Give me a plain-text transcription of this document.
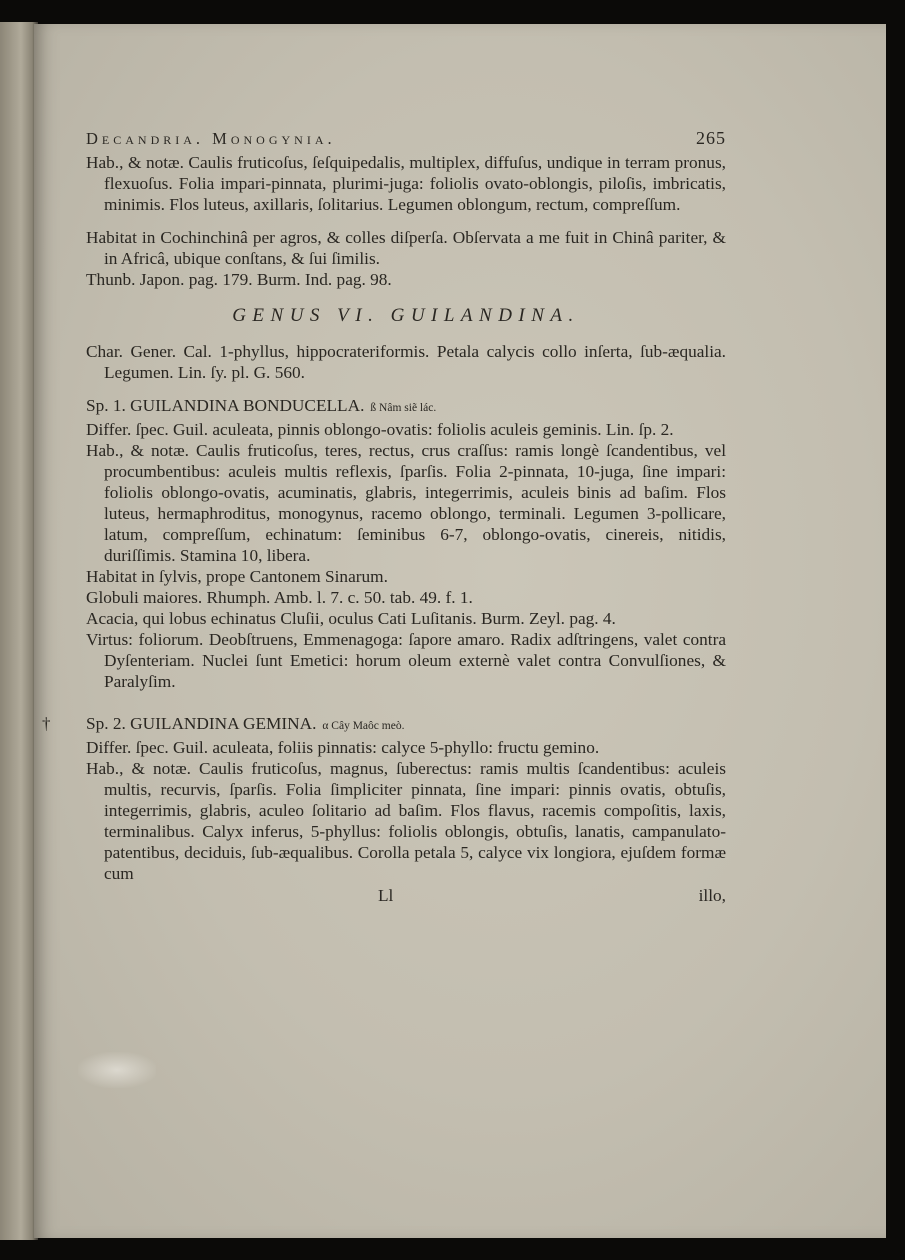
Decandria. Monogynia.	265

Hab., & notæ. Caulis fruticoſus, ſeſquipedalis, multiplex, diffuſus, undique in terram pronus, flexuoſus. Folia impari-pinnata, plurimi-juga: foliolis ovato-oblongis, piloſis, imbricatis, minimis. Flos luteus, axillaris, ſolitarius. Legumen oblongum, rectum, compreſſum.

Habitat in Cochinchinâ per agros, & colles diſperſa. Obſervata a me fuit in Chinâ pariter, & in Africâ, ubique conſtans, & ſui ſimilis.

Thunb. Japon. pag. 179. Burm. Ind. pag. 98.

GENUS VI. GUILANDINA.

Char. Gener. Cal. 1-phyllus, hippocrateriformis. Petala calycis collo inſerta, ſub-æqualia. Legumen. Lin. ſy. pl. G. 560.

Sp. 1. GUILANDINA BONDUCELLA. ß Nâm siẽ lác.

Differ. ſpec. Guil. aculeata, pinnis oblongo-ovatis: foliolis aculeis geminis. Lin. ſp. 2.

Hab., & notæ. Caulis fruticoſus, teres, rectus, crus craſſus: ramis longè ſcandentibus, vel procumbentibus: aculeis multis reflexis, ſparſis. Folia 2-pinnata, 10-juga, ſine impari: foliolis oblongo-ovatis, acuminatis, glabris, integerrimis, aculeis binis ad baſim. Flos luteus, hermaphroditus, monogynus, racemo oblongo, terminali. Legumen 3-pollicare, latum, compreſſum, echinatum: ſeminibus 6-7, oblongo-ovatis, cinereis, nitidis, duriſſimis. Stamina 10, libera.

Habitat in ſylvis, prope Cantonem Sinarum.

Globuli maiores. Rhumph. Amb. l. 7. c. 50. tab. 49. f. 1.

Acacia, qui lobus echinatus Cluſii, oculus Cati Luſitanis. Burm. Zeyl. pag. 4.

Virtus: foliorum. Deobſtruens, Emmenagoga: ſapore amaro. Radix adſtringens, valet contra Dyſenteriam. Nuclei ſunt Emetici: horum oleum externè valet contra Convulſiones, & Paralyſim.

†	Sp. 2. GUILANDINA GEMINA. α Cây Maôc meò.

Differ. ſpec. Guil. aculeata, foliis pinnatis: calyce 5-phyllo: fructu gemino.

Hab., & notæ. Caulis fruticoſus, magnus, ſuberectus: ramis multis ſcandentibus: aculeis multis, recurvis, ſparſis. Folia ſimpliciter pinnata, ſine impari: pinnis ovatis, obtuſis, integerrimis, glabris, aculeo ſolitario ad baſim. Flos flavus, racemis compoſitis, laxis, terminalibus. Calyx inferus, 5-phyllus: foliolis oblongis, obtuſis, lanatis, campanulato-patentibus, deciduis, ſub-æqualibus. Corolla petala 5, calyce vix longiora, ejuſdem formæ cum

Ll	illo,
